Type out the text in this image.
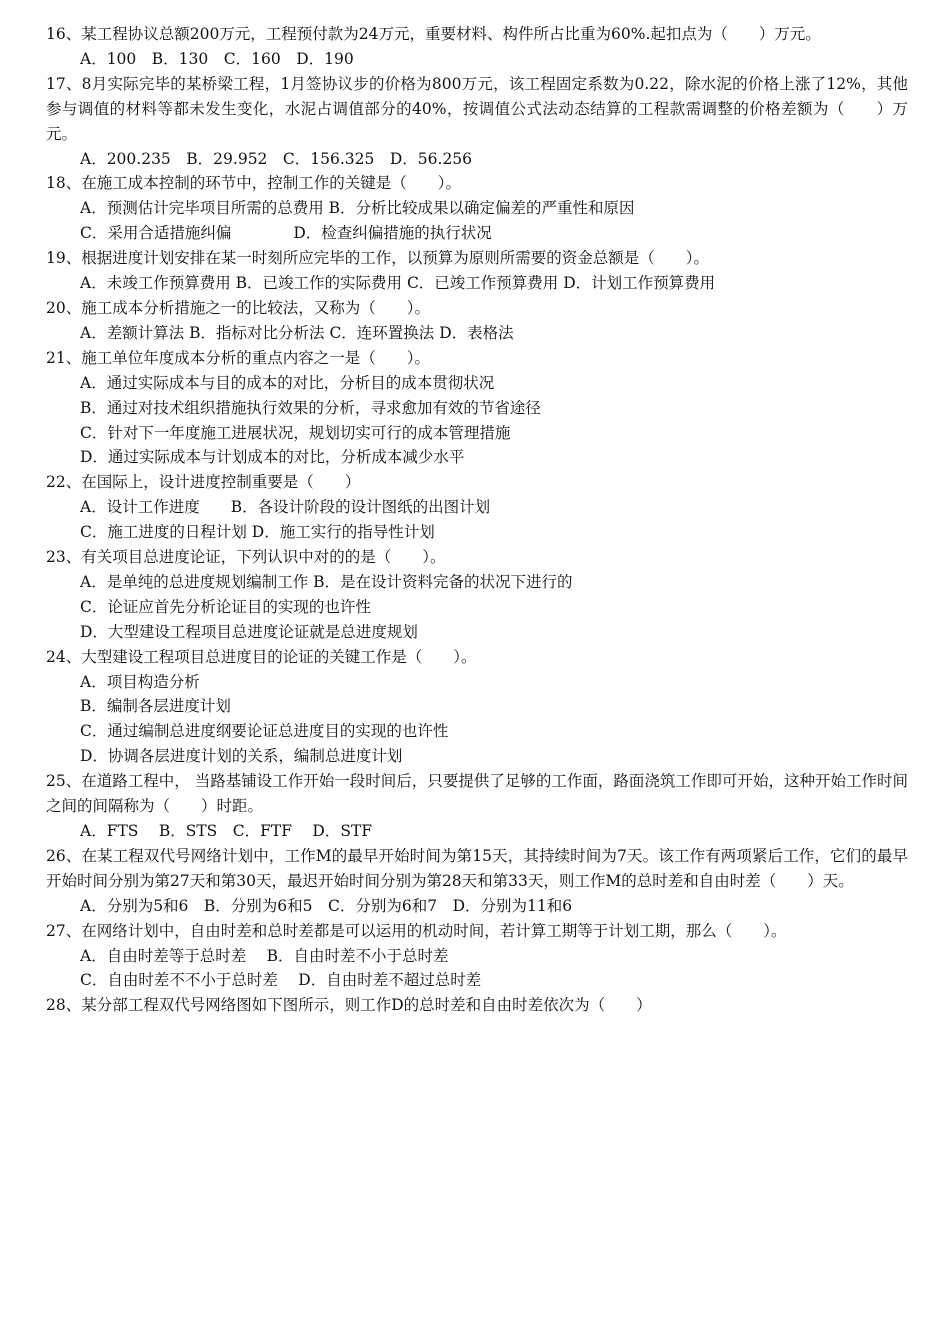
16、某工程协议总额200万元，工程预付款为24万元，重要材料、构件所占比重为60%.起扣点为（　　）万元。

A．100　B．130　C．160　D．190

17、8月实际完毕的某桥梁工程，1月签协议步的价格为800万元，该工程固定系数为0.22，除水泥的价格上涨了12%，其他参与调值的材料等都未发生变化，水泥占调值部分的40%，按调值公式法动态结算的工程款需调整的价格差额为（　　）万元。

A．200.235　B．29.952　C．156.325　D．56.256

18、在施工成本控制的环节中，控制工作的关键是（　　）。

A．预测估计完毕项目所需的总费用 B．分析比较成果以确定偏差的严重性和原因

C．采用合适措施纠偏　　　　D．检查纠偏措施的执行状况

19、根据进度计划安排在某一时刻所应完毕的工作，以预算为原则所需要的资金总额是（　　）。

A．未竣工作预算费用 B．已竣工作的实际费用 C．已竣工作预算费用 D．计划工作预算费用

20、施工成本分析措施之一的比较法，又称为（　　）。

A．差额计算法 B．指标对比分析法 C．连环置换法 D．表格法

21、施工单位年度成本分析的重点内容之一是（　　）。

A．通过实际成本与目的成本的对比，分析目的成本贯彻状况

B．通过对技术组织措施执行效果的分析，寻求愈加有效的节省途径

C．针对下一年度施工进展状况，规划切实可行的成本管理措施

D．通过实际成本与计划成本的对比，分析成本减少水平

22、在国际上，设计进度控制重要是（　　）

A．设计工作进度　　B．各设计阶段的设计图纸的出图计划

C．施工进度的日程计划 D．施工实行的指导性计划

23、有关项目总进度论证，下列认识中对的的是（　　）。

A．是单纯的总进度规划编制工作 B．是在设计资料完备的状况下进行的

C．论证应首先分析论证目的实现的也许性

D．大型建设工程项目总进度论证就是总进度规划

24、大型建设工程项目总进度目的论证的关键工作是（　　）。

A．项目构造分析

B．编制各层进度计划

C．通过编制总进度纲要论证总进度目的实现的也许性

D．协调各层进度计划的关系，编制总进度计划

25、在道路工程中， 当路基铺设工作开始一段时间后，只要提供了足够的工作面，路面浇筑工作即可开始，这种开始工作时间之间的间隔称为（　　）时距。

A．FTS　 B．STS　C．FTF　 D．STF

26、在某工程双代号网络计划中，工作M的最早开始时间为第15天，其持续时间为7天。该工作有两项紧后工作，它们的最早开始时间分别为第27天和第30天，最迟开始时间分别为第28天和第33天，则工作M的总时差和自由时差（　　）天。

A．分别为5和6　B．分别为6和5　C．分别为6和7　D．分别为11和6

27、在网络计划中，自由时差和总时差都是可以运用的机动时间，若计算工期等于计划工期，那么（　　）。

A．自由时差等于总时差　 B．自由时差不小于总时差

C．自由时差不不小于总时差　 D．自由时差不超过总时差

28、某分部工程双代号网络图如下图所示，则工作D的总时差和自由时差依次为（　　）
